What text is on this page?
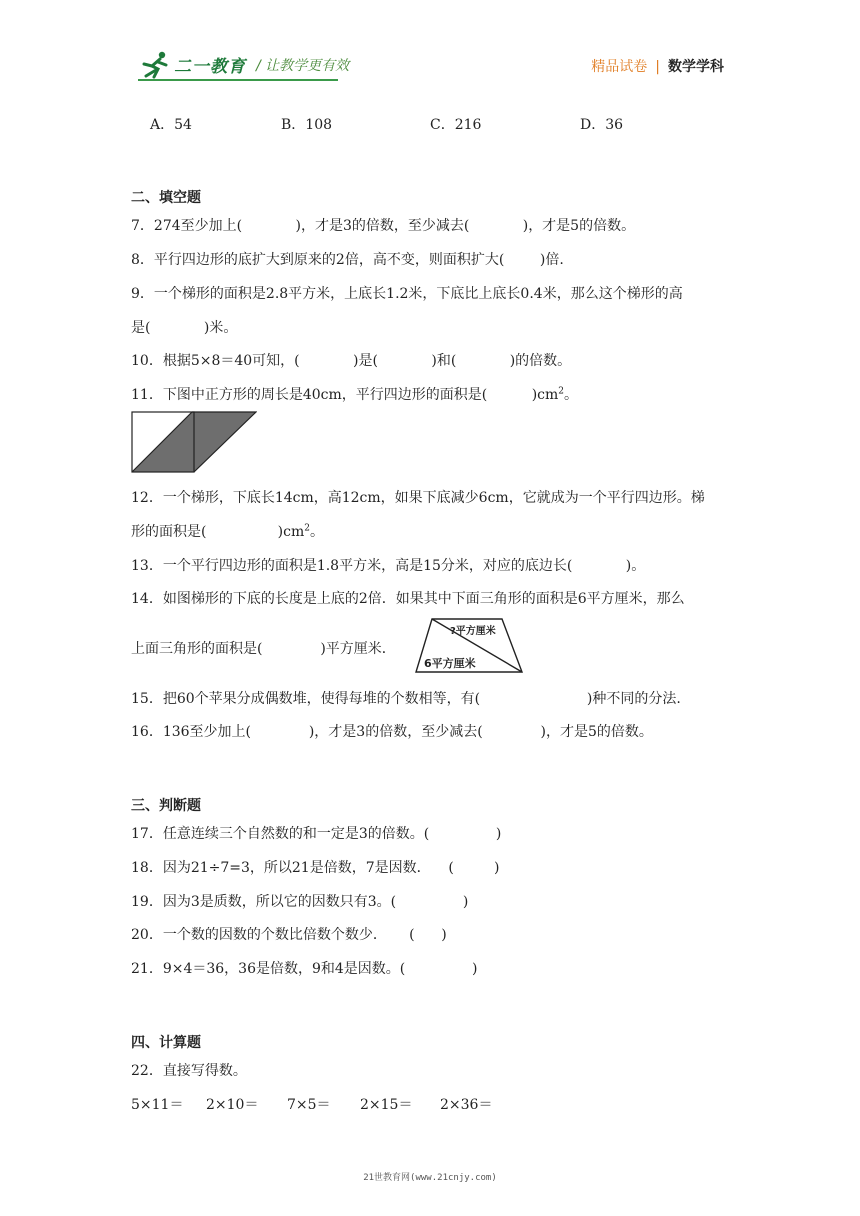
二一教育 / 让教学更有效	精品试卷 | 数学学科
A．54	B．108	C．216	D．36
二、填空题
7．274至少加上(            )，才是3的倍数，至少减去(            )，才是5的倍数。
8．平行四边形的底扩大到原来的2倍，高不变，则面积扩大(        )倍.
9．一个梯形的面积是2.8平方米，上底长1.2米，下底比上底长0.4米，那么这个梯形的高
是(            )米。
10．根据5×8＝40可知，(            )是(            )和(            )的倍数。
11．下图中正方形的周长是40cm，平行四边形的面积是(          )$cm^2$。
12．一个梯形，下底长14cm，高12cm，如果下底减少6cm，它就成为一个平行四边形。梯
形的面积是(                )$cm^2$。
13．一个平行四边形的面积是1.8平方米，高是15分米，对应的底边长(            )。
14．如图梯形的下底的长度是上底的2倍．如果其中下面三角形的面积是6平方厘米，那么
上面三角形的面积是(             )平方厘米．
?平方厘米
6平方厘米
15．把60个苹果分成偶数堆，使得每堆的个数相等，有(                        )种不同的分法.
16．136至少加上(             )，才是3的倍数，至少减去(             )，才是5的倍数。
三、判断题
17．任意连续三个自然数的和一定是3的倍数。(               )
18．因为21÷7=3，所以21是倍数，7是因数．    (         )
19．因为3是质数，所以它的因数只有3。(               )
20．一个数的因数的个数比倍数个数少．     (      )
21．9×4＝36，36是倍数，9和4是因数。(               )
四、计算题
22．直接写得数。
5×11＝ 2×10＝ 7×5＝ 2×15＝ 2×36＝
21世教育网(www.21cnjy.com)
